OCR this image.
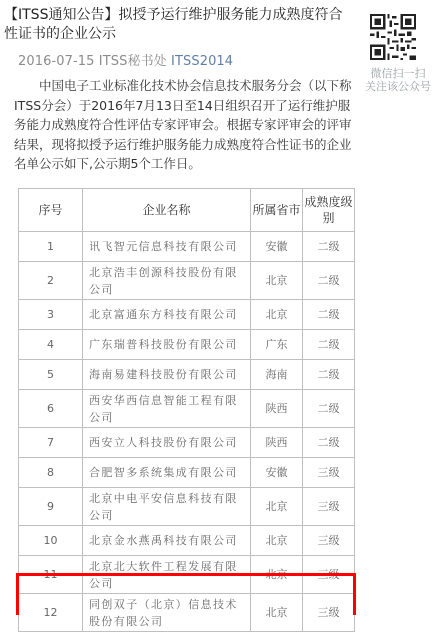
【ITSS通知公告】拟授予运行维护服务能力成熟度符合性证书的企业公示
2016-07-15 ITSS秘书处 ITSS2014
微信扫一扫
关注该公众号
中国电子工业标准化技术协会信息技术服务分会（以下称ITSS分会）于2016年7月13日至14日组织召开了运行维护服务能力成熟度符合性评估专家评审会。根据专家评审会的评审结果，现将拟授予运行维护服务能力成熟度符合性证书的企业名单公示如下,公示期5个工作日。
序号	企业名称	所属省市	成熟度级别
1	讯飞智元信息科技有限公司	安徽	二级
2	北京浩丰创源科技股份有限公司	北京	二级
3	北京富通东方科技有限公司	北京	二级
4	广东瑞普科技股份有限公司	广东	二级
5	海南易建科技股份有限公司	海南	二级
6	西安华西信息智能工程有限公司	陕西	二级
7	西安立人科技股份有限公司	陕西	二级
8	合肥智多系统集成有限公司	安徽	三级
9	北京中电平安信息科技有限公司	北京	三级
10	北京金水燕禹科技有限公司	北京	三级
11	北京北大软件工程发展有限公司	北京	三级
12	同创双子（北京）信息技术股份有限公司	北京	三级
